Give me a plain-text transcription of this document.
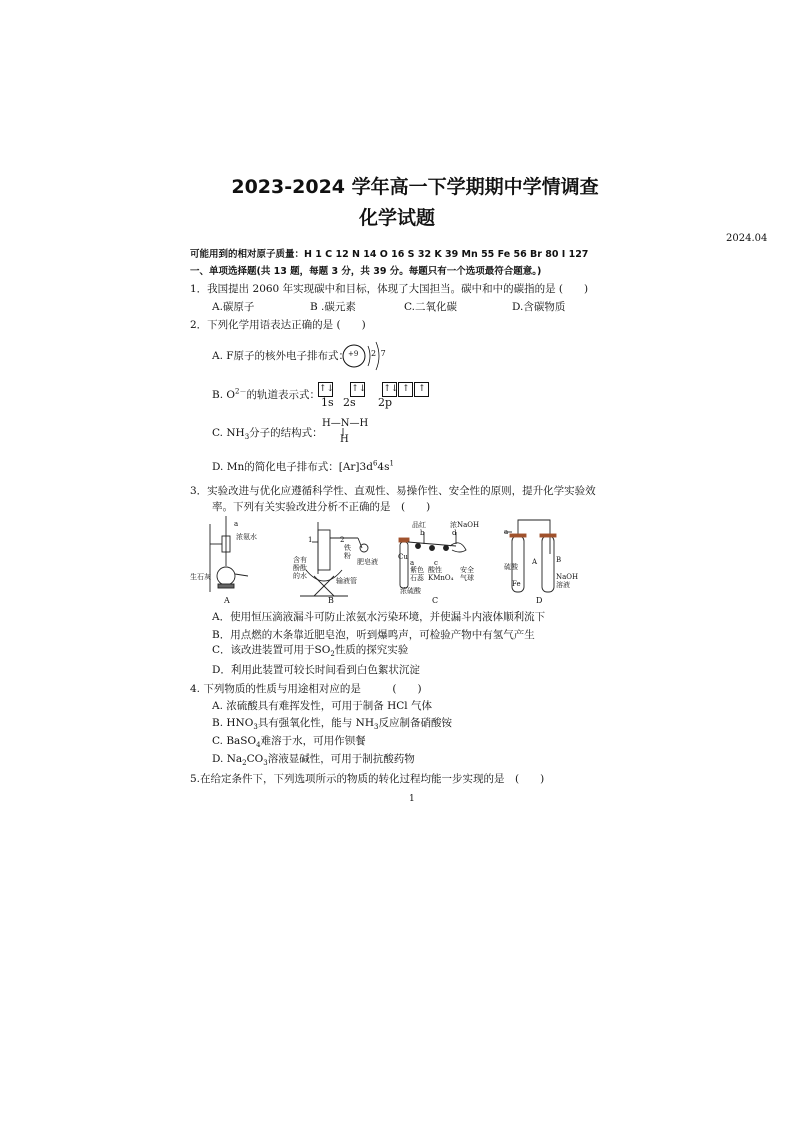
2023-2024 学年高一下学期期中学情调查
化学试题
2024.04
可能用到的相对原子质量：H 1 C 12 N 14 O 16 S 32 K 39 Mn 55 Fe 56 Br 80 I 127
一、单项选择题(共 13 题，每题 3 分，共 39 分。每题只有一个选项最符合题意。)
1．我国提出 2060 年实现碳中和目标，体现了大国担当。碳中和中的碳指的是 (　　)
A.碳原子	B .碳元素	C.二氧化碳	D.含碳物质
2．下列化学用语表达正确的是 (　　)
A. F原子的核外电子排布式：
+9 2 7
B. $O^{2-}$的轨道表示式： ↑↓ ↑↓ ↑↓ ↑ ↑
1s 2s 2p
C. $NH_3$分子的结构式：
H—N—H
H
D. Mn的简化电子排布式：$[Ar]3d^64s^1$
3．实验改进与优化应遵循科学性、直观性、易操作性、安全性的原则，提升化学实验效
率。下列有关实验改进分析不正确的是　(　　)
浓氨水
生石灰
a
含有
酚酞
的水
铁
粉
肥皂液
输液管
1	2
品红	浓NaOH
b	d
a	c
Cu
紫色
石蕊
酸性
KMnO₄
安全
气球
浓硫酸
a
A	B
硫酸
Fe
NaOH
溶液
A	B	C	D
A．使用恒压滴液漏斗可防止浓氨水污染环境，并使漏斗内液体顺利流下
B．用点燃的木条靠近肥皂泡，听到爆鸣声，可检验产物中有氢气产生
C．该改进装置可用于$SO_2$性质的探究实验
D．利用此装置可较长时间看到白色絮状沉淀
4. 下列物质的性质与用途相对应的是　　　(　　)
A. 浓硫酸具有难挥发性，可用于制备 HCl 气体
B. $HNO_3$具有强氧化性，能与 $NH_3$反应制备硝酸铵
C. BaSO$_4$难溶于水，可用作钡餐
D. $Na_2CO_3$溶液显碱性，可用于制抗酸药物
5.在给定条件下，下列选项所示的物质的转化过程均能一步实现的是　(　　)
1
